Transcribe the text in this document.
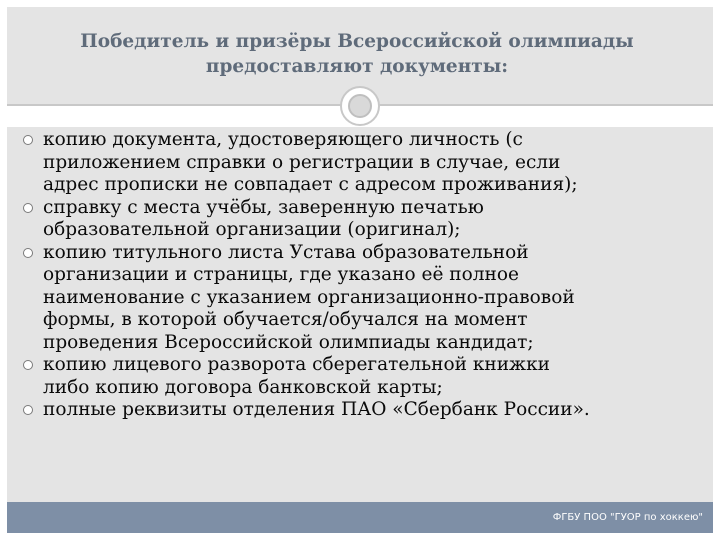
Победитель и призёры Всероссийской олимпиады
предоставляют документы:
копию документа, удостоверяющего личность (с
приложением справки о регистрации в случае, если
адрес прописки не совпадает с адресом проживания);
справку с места учёбы, заверенную печатью
образовательной организации (оригинал);
копию титульного листа Устава образовательной
организации и страницы, где указано её полное
наименование с указанием организационно-правовой
формы, в которой обучается/обучался на момент
проведения Всероссийской олимпиады кандидат;
копию лицевого разворота сберегательной книжки
либо копию договора банковской карты;
полные реквизиты отделения ПАО «Сбербанк России».
ФГБУ ПОО "ГУОР по хоккею"
